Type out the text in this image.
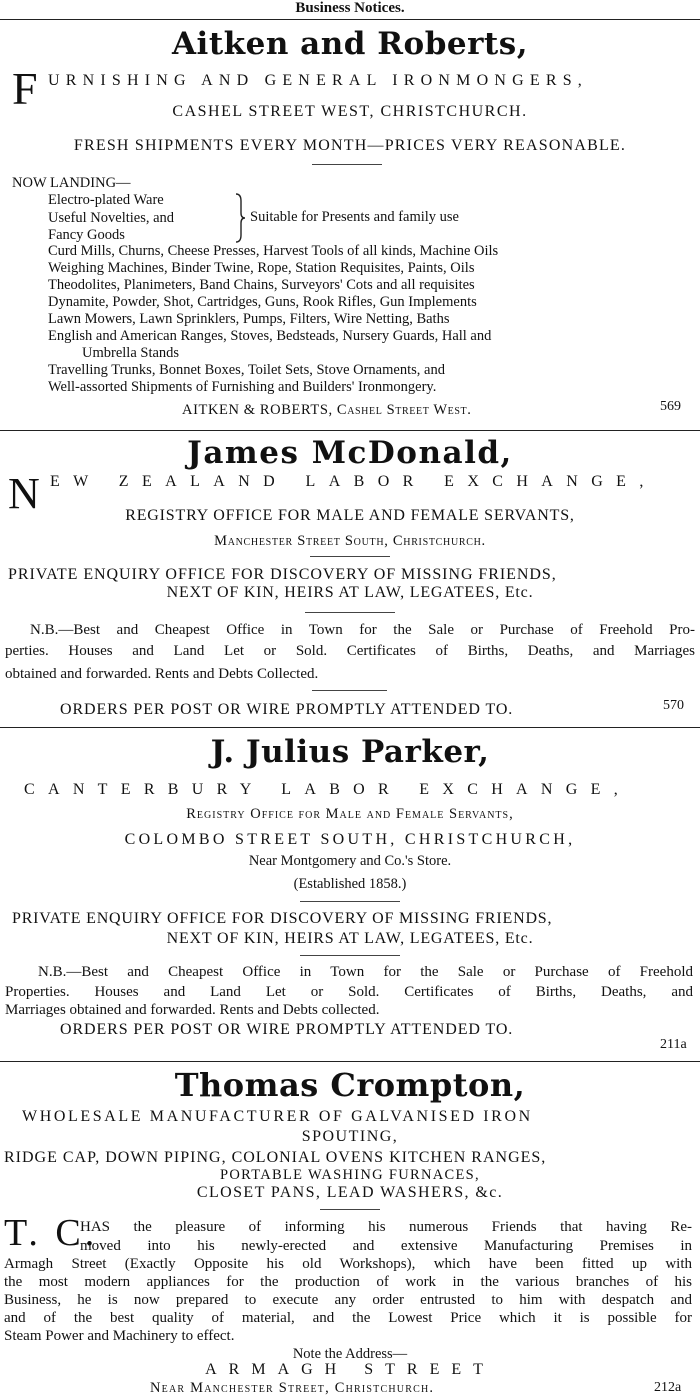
Business Notices.
Aitken and Roberts,
F URNISHING AND GENERAL IRONMONGERS,
CASHEL STREET WEST, CHRISTCHURCH.
FRESH SHIPMENTS EVERY MONTH—PRICES VERY REASONABLE.
NOW LANDING—
Electro-plated Ware
Useful Novelties, and
Fancy Goods
Suitable for Presents and family use
Curd Mills, Churns, Cheese Presses, Harvest Tools of all kinds, Machine Oils
Weighing Machines, Binder Twine, Rope, Station Requisites, Paints, Oils
Theodolites, Planimeters, Band Chains, Surveyors' Cots and all requisites
Dynamite, Powder, Shot, Cartridges, Guns, Rook Rifles, Gun Implements
Lawn Mowers, Lawn Sprinklers, Pumps, Filters, Wire Netting, Baths
English and American Ranges, Stoves, Bedsteads, Nursery Guards, Hall and
Umbrella Stands
Travelling Trunks, Bonnet Boxes, Toilet Sets, Stove Ornaments, and
Well-assorted Shipments of Furnishing and Builders' Ironmongery.
AITKEN & ROBERTS, Cashel Street West.	569
James McDonald,
N EW ZEALAND LABOR EXCHANGE,
REGISTRY OFFICE FOR MALE AND FEMALE SERVANTS,
Manchester Street South, Christchurch.
PRIVATE ENQUIRY OFFICE FOR DISCOVERY OF MISSING FRIENDS,
NEXT OF KIN, HEIRS AT LAW, LEGATEES, Etc.
N.B.—Best and Cheapest Office in Town for the Sale or Purchase of Freehold Pro-
perties. Houses and Land Let or Sold. Certificates of Births, Deaths, and Marriages
obtained and forwarded. Rents and Debts Collected.
ORDERS PER POST OR WIRE PROMPTLY ATTENDED TO.	570
J. Julius Parker,
CANTERBURY LABOR EXCHANGE,
Registry Office for Male and Female Servants,
COLOMBO STREET SOUTH, CHRISTCHURCH,
Near Montgomery and Co.'s Store.
(Established 1858.)
PRIVATE ENQUIRY OFFICE FOR DISCOVERY OF MISSING FRIENDS,
NEXT OF KIN, HEIRS AT LAW, LEGATEES, Etc.
N.B.—Best and Cheapest Office in Town for the Sale or Purchase of Freehold
Properties. Houses and Land Let or Sold. Certificates of Births, Deaths, and
Marriages obtained and forwarded. Rents and Debts collected.
ORDERS PER POST OR WIRE PROMPTLY ATTENDED TO.
211a
Thomas Crompton,
WHOLESALE MANUFACTURER OF GALVANISED IRON
SPOUTING,
RIDGE CAP, DOWN PIPING, COLONIAL OVENS KITCHEN RANGES,
PORTABLE WASHING FURNACES,
CLOSET PANS, LEAD WASHERS, &c.
T. C.
HAS the pleasure of informing his numerous Friends that having Re-
moved into his newly-erected and extensive Manufacturing Premises in
Armagh Street (Exactly Opposite his old Workshops), which have been fitted up with
the most modern appliances for the production of work in the various branches of his
Business, he is now prepared to execute any order entrusted to him with despatch and
and of the best quality of material, and the Lowest Price which it is possible for
Steam Power and Machinery to effect.
Note the Address—
ARMAGH STREET
Near Manchester Street, Christchurch.	212a
